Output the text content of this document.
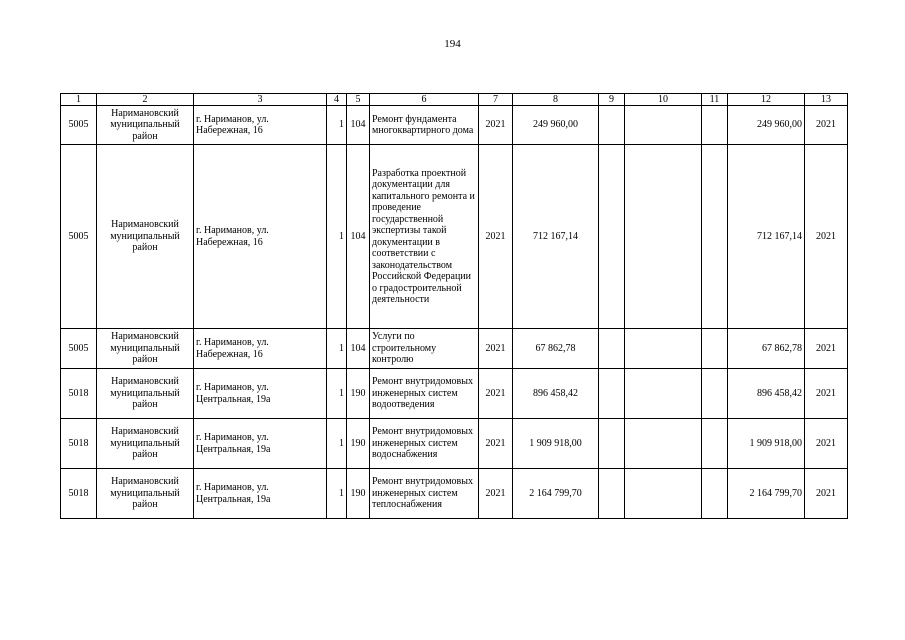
194
1	2	3	4	5	6	7	8	9	10	11	12	13
5005	Наримановский муниципальный район	г. Нариманов, ул. Набережная, 16	1	104	Ремонт фундамента многоквартирного дома	2021	249 960,00				249 960,00	2021
5005	Наримановский муниципальный район	г. Нариманов, ул. Набережная, 16	1	104	Разработка проектной документации для капитального ремонта и проведение государственной экспертизы такой документации в соответствии с законодательством Российской Федерации о градостроительной деятельности	2021	712 167,14				712 167,14	2021
5005	Наримановский муниципальный район	г. Нариманов, ул. Набережная, 16	1	104	Услуги по строительному контролю	2021	67 862,78				67 862,78	2021
5018	Наримановский муниципальный район	г. Нариманов, ул. Центральная, 19а	1	190	Ремонт внутридомовых инженерных систем водоотведения	2021	896 458,42				896 458,42	2021
5018	Наримановский муниципальный район	г. Нариманов, ул. Центральная, 19а	1	190	Ремонт внутридомовых инженерных систем водоснабжения	2021	1 909 918,00				1 909 918,00	2021
5018	Наримановский муниципальный район	г. Нариманов, ул. Центральная, 19а	1	190	Ремонт внутридомовых инженерных систем теплоснабжения	2021	2 164 799,70				2 164 799,70	2021
